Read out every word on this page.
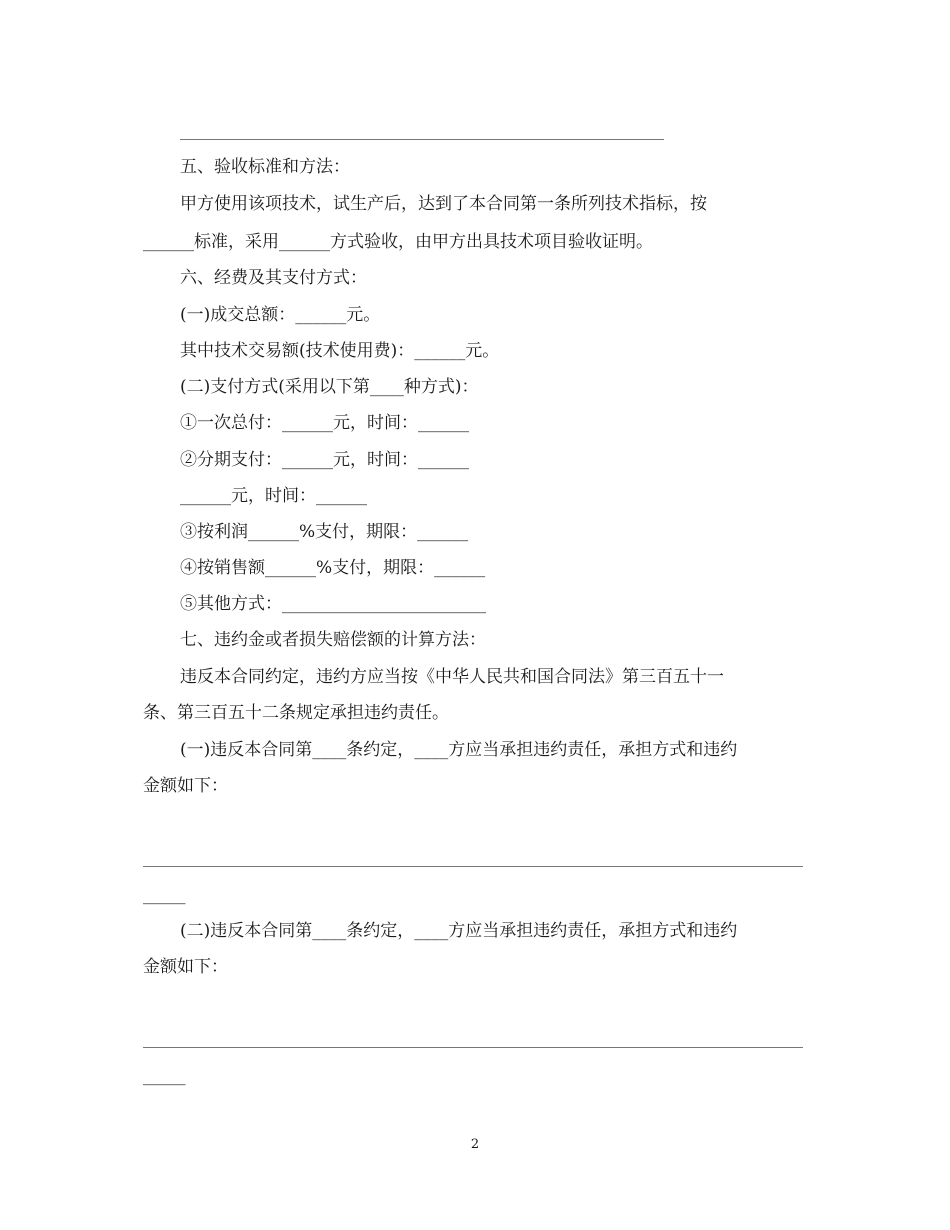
五、验收标准和方法：
甲方使用该项技术，试生产后，达到了本合同第一条所列技术指标，按
______标准，采用______方式验收，由甲方出具技术项目验收证明。
六、经费及其支付方式：
(一)成交总额：______元。
其中技术交易额(技术使用费)：______元。
(二)支付方式(采用以下第____种方式)：
①一次总付：______元，时间：______
②分期支付：______元，时间：______
______元，时间：______
③按利润______%支付，期限：______
④按销售额______%支付，期限：______
⑤其他方式：________________________
七、违约金或者损失赔偿额的计算方法：
违反本合同约定，违约方应当按《中华人民共和国合同法》第三百五十一
条、第三百五十二条规定承担违约责任。
(一)违反本合同第____条约定，____方应当承担违约责任，承担方式和违约
金额如下：
_____
(二)违反本合同第____条约定，____方应当承担违约责任，承担方式和违约
金额如下：
_____
2
